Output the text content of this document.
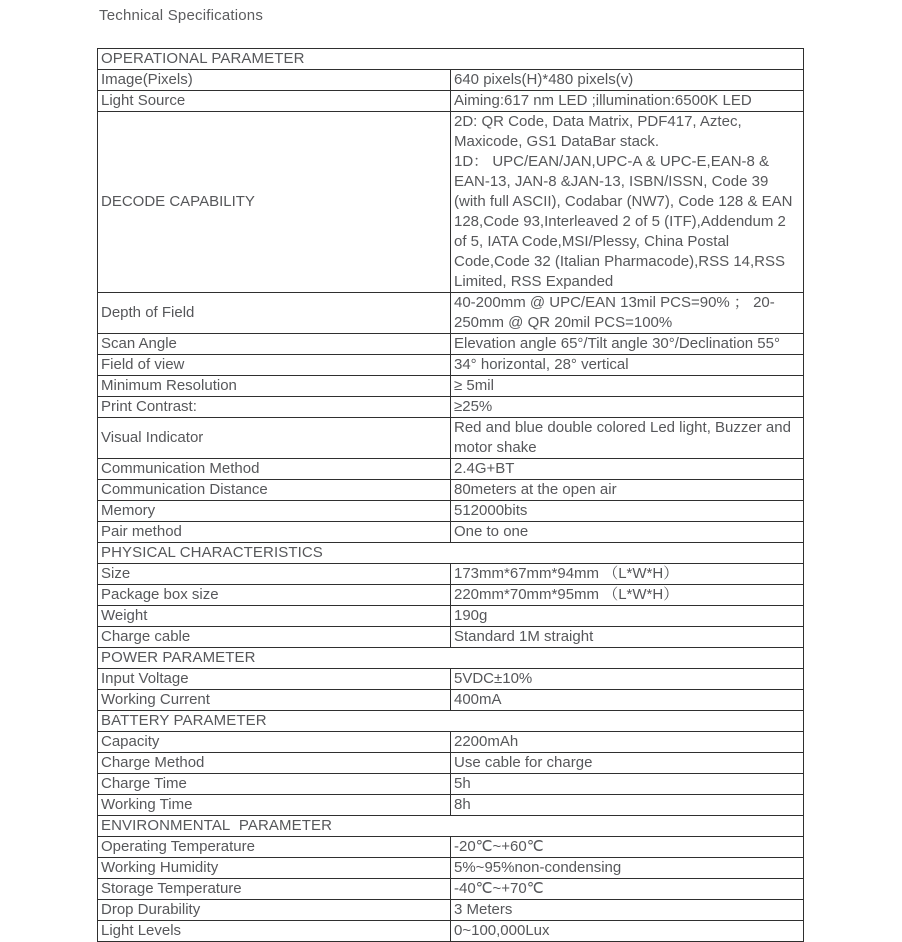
Technical Specifications
OPERATIONAL PARAMETER	
Image(Pixels)	640 pixels(H)*480 pixels(v)

Light Source	Aiming:617 nm LED ;illumination:6500K LED

DECODE CAPABILITY	2D: QR Code, Data Matrix, PDF417, Aztec, Maxicode, GS1 DataBar stack.
1D： UPC/EAN/JAN,UPC-A & UPC-E,EAN-8 & EAN-13, JAN-8 &JAN-13, ISBN/ISSN, Code 39 (with full ASCII), Codabar (NW7), Code 128 & EAN 128,Code 93,Interleaved 2 of 5 (ITF),Addendum 2 of 5, IATA Code,MSI/Plessy, China Postal Code,Code 32 (Italian Pharmacode),RSS 14,RSS Limited, RSS Expanded

Depth of Field	40-200mm @ UPC/EAN 13mil PCS=90% ； 20-250mm @ QR 20mil PCS=100%

Scan Angle	Elevation angle 65°/Tilt angle 30°/Declination 55°

Field of view	34° horizontal, 28° vertical

Minimum Resolution	≥ 5mil

Print Contrast:	≥25%

Visual Indicator	Red and blue double colored Led light, Buzzer and motor shake

Communication Method	2.4G+BT

Communication Distance	80meters at the open air

Memory	512000bits

Pair method	One to one

PHYSICAL CHARACTERISTICS	
Size	173mm*67mm*94mm （L*W*H）

Package box size	220mm*70mm*95mm （L*W*H）

Weight	190g

Charge cable	Standard 1M straight

POWER PARAMETER	
Input Voltage	5VDC±10%

Working Current	400mA

BATTERY PARAMETER	
Capacity	2200mAh

Charge Method	Use cable for charge

Charge Time	5h

Working Time	8h

ENVIRONMENTAL  PARAMETER	
Operating Temperature	-20℃~+60℃

Working Humidity	5%~95%non-condensing

Storage Temperature	-40℃~+70℃

Drop Durability	3 Meters

Light Levels	0~100,000Lux
